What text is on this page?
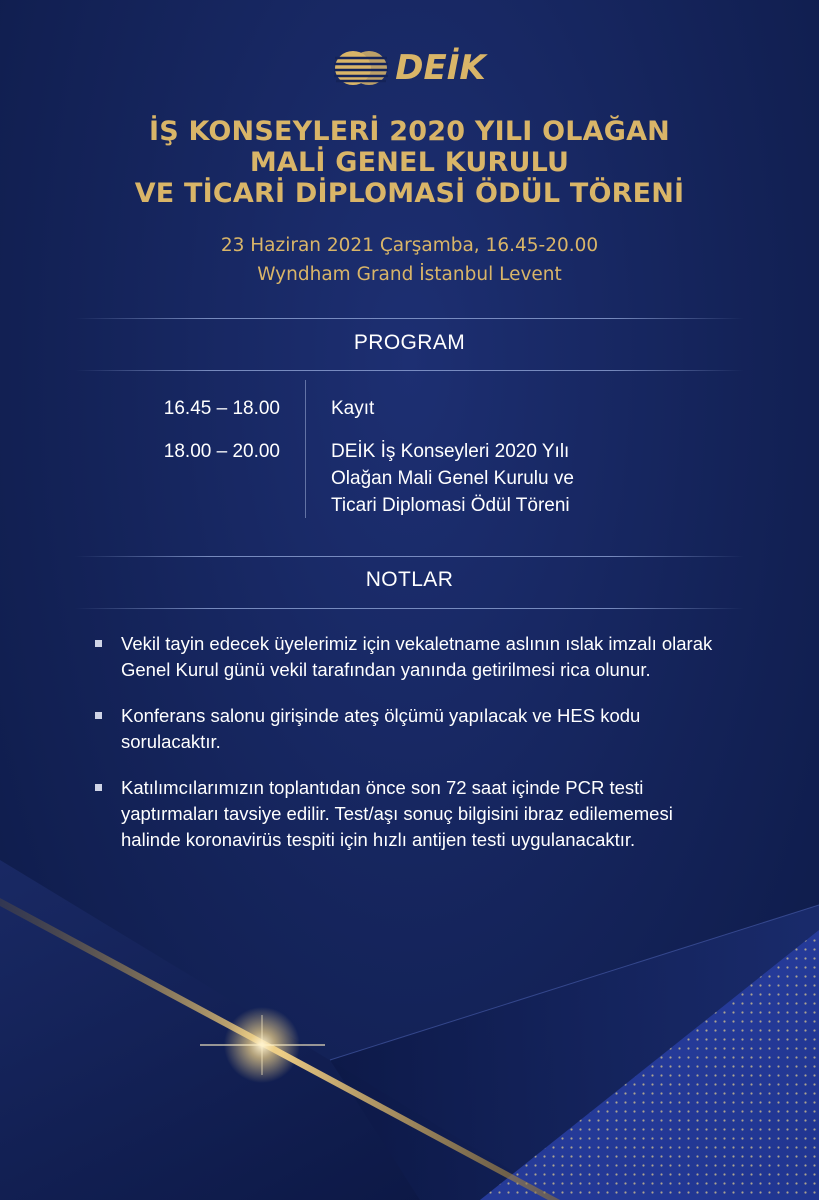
DEİK
İŞ KONSEYLERİ 2020 YILI OLAĞAN
MALİ GENEL KURULU
VE TİCARİ DİPLOMASİ ÖDÜL TÖRENİ
23 Haziran 2021 Çarşamba, 16.45-20.00
Wyndham Grand İstanbul Levent
PROGRAM
16.45 – 18.00	Kayıt
18.00 – 20.00	DEİK İş Konseyleri 2020 Yılı
Olağan Mali Genel Kurulu ve
Ticari Diplomasi Ödül Töreni
NOTLAR
Vekil tayin edecek üyelerimiz için vekaletname aslının ıslak imzalı olarak Genel Kurul günü vekil tarafından yanında getirilmesi rica olunur.
Konferans salonu girişinde ateş ölçümü yapılacak ve HES kodu sorulacaktır.
Katılımcılarımızın toplantıdan önce son 72 saat içinde PCR testi yaptırmaları tavsiye edilir. Test/aşı sonuç bilgisini ibraz edilememesi halinde koronavirüs tespiti için hızlı antijen testi uygulanacaktır.
